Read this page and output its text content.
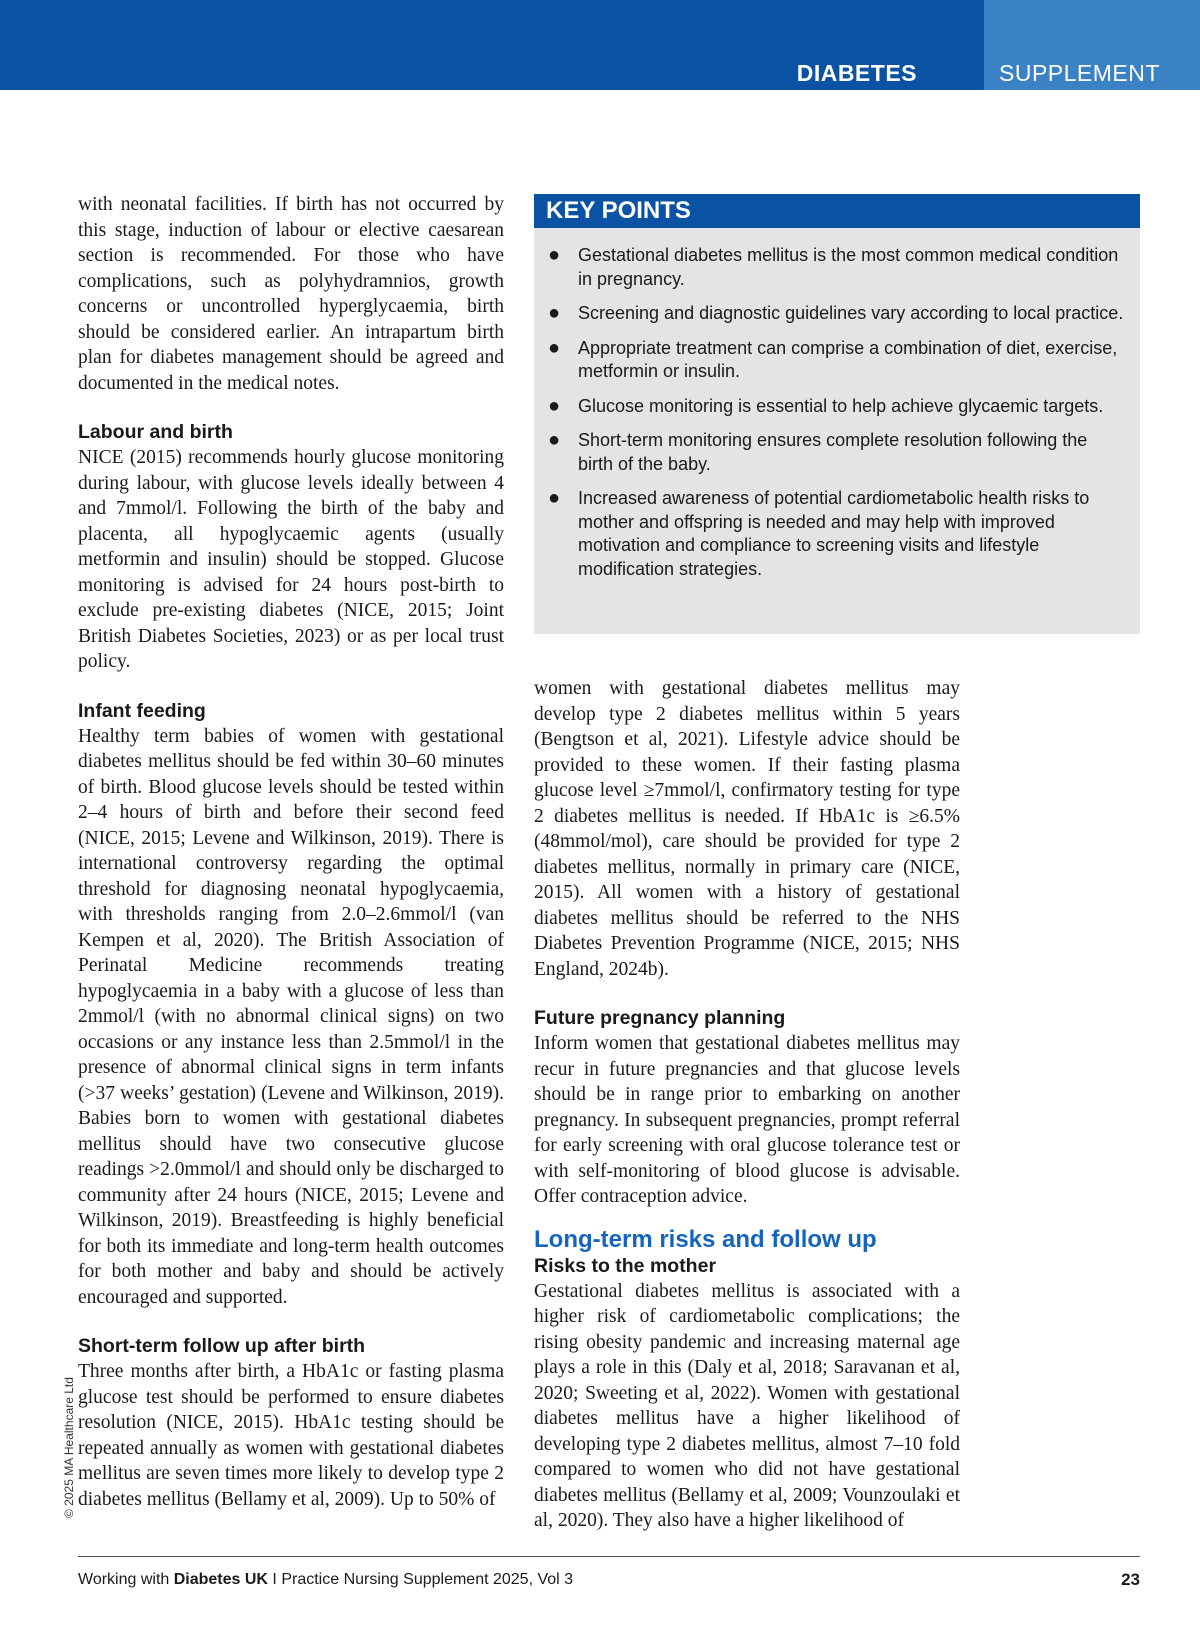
DIABETES	SUPPLEMENT

with neonatal facilities. If birth has not occurred by this stage, induction of labour or elective caesarean section is recommended. For those who have complications, such as polyhydramnios, growth concerns or uncontrolled hyperglycaemia, birth should be considered earlier. An intrapartum birth plan for diabetes management should be agreed and documented in the medical notes.

Labour and birth

NICE (2015) recommends hourly glucose monitoring during labour, with glucose levels ideally between 4 and 7mmol/l. Following the birth of the baby and placenta, all hypoglycaemic agents (usually metformin and insulin) should be stopped. Glucose monitoring is advised for 24 hours post-birth to exclude pre-existing diabetes (NICE, 2015; Joint British Diabetes Societies, 2023) or as per local trust policy.

Infant feeding

Healthy term babies of women with gestational diabetes mellitus should be fed within 30–60 minutes of birth. Blood glucose levels should be tested within 2–4 hours of birth and before their second feed (NICE, 2015; Levene and Wilkinson, 2019). There is international controversy regarding the optimal threshold for diagnosing neonatal hypoglycaemia, with thresholds ranging from 2.0–2.6mmol/l (van Kempen et al, 2020). The British Association of Perinatal Medicine recommends treating hypoglycaemia in a baby with a glucose of less than 2mmol/l (with no abnormal clinical signs) on two occasions or any instance less than 2.5mmol/l in the presence of abnormal clinical signs in term infants (>37 weeks’ gestation) (Levene and Wilkinson, 2019). Babies born to women with gestational diabetes mellitus should have two consecutive glucose readings >2.0mmol/l and should only be discharged to community after 24 hours (NICE, 2015; Levene and Wilkinson, 2019). Breastfeeding is highly beneficial for both its immediate and long-term health outcomes for both mother and baby and should be actively encouraged and supported.

Short-term follow up after birth

Three months after birth, a HbA1c or fasting plasma glucose test should be performed to ensure diabetes resolution (NICE, 2015). HbA1c testing should be repeated annually as women with gestational diabetes mellitus are seven times more likely to develop type 2 diabetes mellitus (Bellamy et al, 2009). Up to 50% of

KEY POINTS
● Gestational diabetes mellitus is the most common medical condition in pregnancy.
● Screening and diagnostic guidelines vary according to local practice.
● Appropriate treatment can comprise a combination of diet, exercise, metformin or insulin.
● Glucose monitoring is essential to help achieve glycaemic targets.
● Short-term monitoring ensures complete resolution following the birth of the baby.
● Increased awareness of potential cardiometabolic health risks to mother and offspring is needed and may help with improved motivation and compliance to screening visits and lifestyle modification strategies.

women with gestational diabetes mellitus may develop type 2 diabetes mellitus within 5 years (Bengtson et al, 2021). Lifestyle advice should be provided to these women. If their fasting plasma glucose level ≥7mmol/l, confirmatory testing for type 2 diabetes mellitus is needed. If HbA1c is ≥6.5%(48mmol/mol), care should be provided for type 2 diabetes mellitus, normally in primary care (NICE, 2015). All women with a history of gestational diabetes mellitus should be referred to the NHS Diabetes Prevention Programme (NICE, 2015; NHS England, 2024b).

Future pregnancy planning

Inform women that gestational diabetes mellitus may recur in future pregnancies and that glucose levels should be in range prior to embarking on another pregnancy. In subsequent pregnancies, prompt referral for early screening with oral glucose tolerance test or with self-monitoring of blood glucose is advisable. Offer contraception advice.

Long-term risks and follow up
Risks to the mother

Gestational diabetes mellitus is associated with a higher risk of cardiometabolic complications; the rising obesity pandemic and increasing maternal age plays a role in this (Daly et al, 2018; Saravanan et al, 2020; Sweeting et al, 2022). Women with gestational diabetes mellitus have a higher likelihood of developing type 2 diabetes mellitus, almost 7–10 fold compared to women who did not have gestational diabetes mellitus (Bellamy et al, 2009; Vounzoulaki et al, 2020). They also have a higher likelihood of

© 2025 MA Healthcare Ltd
Working with Diabetes UK I Practice Nursing Supplement 2025, Vol 3	23
